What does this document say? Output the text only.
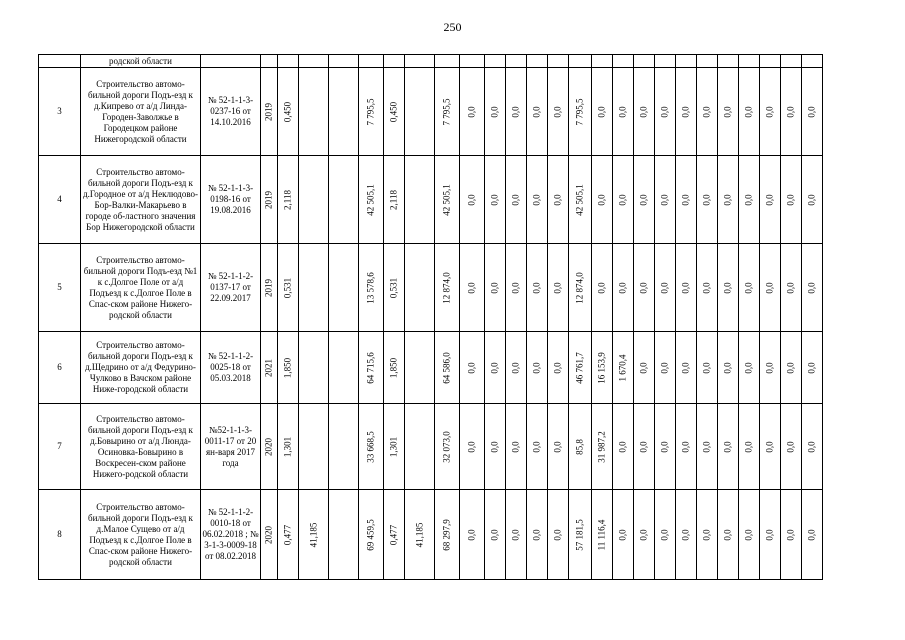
250
	родской области																										
3	Строительство автомо-бильной дороги Подъ-езд к д.Кипрево от а/д Линда-Городен-Заволжье в Городецком районе Нижегородской области	№ 52-1-1-3-0237-16 от 14.10.2016	2019	0,450			7 795,5	0,450		7 795,5	0,0	0,0	0,0	0,0	0,0	7 795,5	0,0	0,0	0,0	0,0	0,0	0,0	0,0	0,0	0,0	0,0	0,0

4	Строительство автомо-бильной дороги Подъ-езд к д.Городное от а/д Неклюдово-Бор-Валки-Макарьево в городе об-ластного значения Бор Нижегородской области	№ 52-1-1-3-0198-16 от 19.08.2016	2019	2,118			42 505,1	2,118		42 505,1	0,0	0,0	0,0	0,0	0,0	42 505,1	0,0	0,0	0,0	0,0	0,0	0,0	0,0	0,0	0,0	0,0	0,0

5	Строительство автомо-бильной дороги Подъ-езд №1 к с.Долгое Поле от а/д Подъезд к с.Долгое Поле в Спас-ском районе Нижего-родской области	№ 52-1-1-2-0137-17 от 22.09.2017	2019	0,531			13 578,6	0,531		12 874,0	0,0	0,0	0,0	0,0	0,0	12 874,0	0,0	0,0	0,0	0,0	0,0	0,0	0,0	0,0	0,0	0,0	0,0

6	Строительство автомо-бильной дороги Подъ-езд к д.Щедрино от а/д Федурино-Чулково в Вачском районе Ниже-городской области	№ 52-1-1-2-0025-18 от 05.03.2018	2021	1,850			64 715,6	1,850		64 586,0	0,0	0,0	0,0	0,0	0,0	46 761,7	16 153,9	1 670,4	0,0	0,0	0,0	0,0	0,0	0,0	0,0	0,0	0,0

7	Строительство автомо-бильной дороги Подъ-езд к д.Бовырино от а/д Люнда-Осиновка-Бовырино в Воскресен-ском районе Нижего-родской области	№52-1-1-3-0011-17 от 20 ян-варя 2017 года	2020	1,301			33 668,5	1,301		32 073,0	0,0	0,0	0,0	0,0	0,0	85,8	31 987,2	0,0	0,0	0,0	0,0	0,0	0,0	0,0	0,0	0,0	0,0

8	Строительство автомо-бильной дороги Подъ-езд к д.Малое Сущево от а/д Подъезд к с.Долгое Поле в Спас-ском районе Нижего-родской области	№ 52-1-1-2-0010-18 от 06.02.2018 ; № 3-1-3-0009-18 от 08.02.2018	2020	0,477	41,185		69 459,5	0,477	41,185	68 297,9	0,0	0,0	0,0	0,0	0,0	57 181,5	11 116,4	0,0	0,0	0,0	0,0	0,0	0,0	0,0	0,0	0,0	0,0
